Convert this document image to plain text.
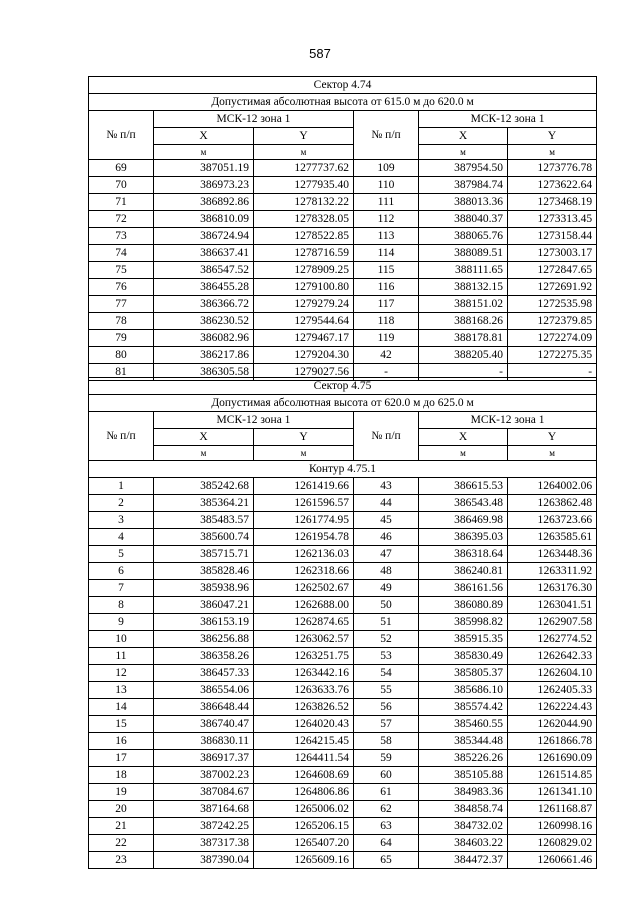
587
Сектор 4.74					
Допустимая абсолютная высота от 615.0 м до 620.0 м					
№ п/п	МСК-12 зона 1		№ п/п	МСК-12 зона 1	
	X	Y		X	Y
	м	м		м	м
69	387051.19	1277737.62	109	387954.50	1273776.78
70	386973.23	1277935.40	110	387984.74	1273622.64
71	386892.86	1278132.22	111	388013.36	1273468.19
72	386810.09	1278328.05	112	388040.37	1273313.45
73	386724.94	1278522.85	113	388065.76	1273158.44
74	386637.41	1278716.59	114	388089.51	1273003.17
75	386547.52	1278909.25	115	388111.65	1272847.65
76	386455.28	1279100.80	116	388132.15	1272691.92
77	386366.72	1279279.24	117	388151.02	1272535.98
78	386230.52	1279544.64	118	388168.26	1272379.85
79	386082.96	1279467.17	119	388178.81	1272274.09
80	386217.86	1279204.30	42	388205.40	1272275.35
81	386305.58	1279027.56	-	-	-
Сектор 4.75					
Допустимая абсолютная высота от 620.0 м до 625.0 м					
№ п/п	МСК-12 зона 1		№ п/п	МСК-12 зона 1	
	X	Y		X	Y
	м	м		м	м
Контур 4.75.1					
1	385242.68	1261419.66	43	386615.53	1264002.06
2	385364.21	1261596.57	44	386543.48	1263862.48
3	385483.57	1261774.95	45	386469.98	1263723.66
4	385600.74	1261954.78	46	386395.03	1263585.61
5	385715.71	1262136.03	47	386318.64	1263448.36
6	385828.46	1262318.66	48	386240.81	1263311.92
7	385938.96	1262502.67	49	386161.56	1263176.30
8	386047.21	1262688.00	50	386080.89	1263041.51
9	386153.19	1262874.65	51	385998.82	1262907.58
10	386256.88	1263062.57	52	385915.35	1262774.52
11	386358.26	1263251.75	53	385830.49	1262642.33
12	386457.33	1263442.16	54	385805.37	1262604.10
13	386554.06	1263633.76	55	385686.10	1262405.33
14	386648.44	1263826.52	56	385574.42	1262224.43
15	386740.47	1264020.43	57	385460.55	1262044.90
16	386830.11	1264215.45	58	385344.48	1261866.78
17	386917.37	1264411.54	59	385226.26	1261690.09
18	387002.23	1264608.69	60	385105.88	1261514.85
19	387084.67	1264806.86	61	384983.36	1261341.10
20	387164.68	1265006.02	62	384858.74	1261168.87
21	387242.25	1265206.15	63	384732.02	1260998.16
22	387317.38	1265407.20	64	384603.22	1260829.02
23	387390.04	1265609.16	65	384472.37	1260661.46
